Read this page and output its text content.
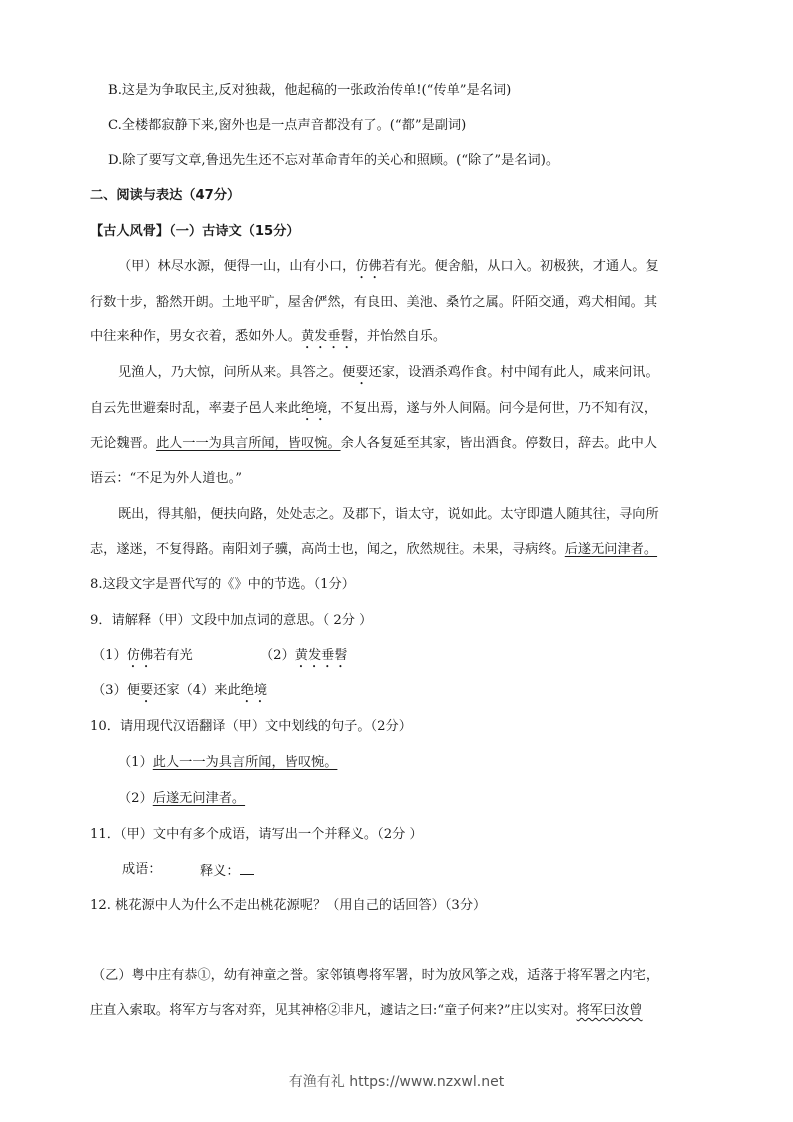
B.这是为争取民主,反对独裁，他起稿的一张政治传单!(“传单”是名词)
C.全楼都寂静下来,窗外也是一点声音都没有了。(“都”是副词)
D.除了要写文章,鲁迅先生还不忘对革命青年的关心和照顾。(“除了”是名词)。
二、阅读与表达（47分）
【古人风骨】（一）古诗文（15分）
（甲）林尽水源，便得一山，山有小口，仿佛若有光。便舍船，从口入。初极狭，才通人。复
行数十步，豁然开朗。土地平旷，屋舍俨然，有良田、美池、桑竹之属。阡陌交通，鸡犬相闻。其
中往来种作，男女衣着，悉如外人。黄发垂髫，并怡然自乐。
见渔人，乃大惊，问所从来。具答之。便要还家，设酒杀鸡作食。村中闻有此人，咸来问讯。
自云先世避秦时乱，率妻子邑人来此绝境，不复出焉，遂与外人间隔。问今是何世，乃不知有汉，
无论魏晋。此人一一为具言所闻，皆叹惋。余人各复延至其家，皆出酒食。停数日，辞去。此中人
语云：“不足为外人道也。”
既出，得其船，便扶向路，处处志之。及郡下，诣太守，说如此。太守即遣人随其往，寻向所
志，遂迷，不复得路。南阳刘子骥，高尚士也，闻之，欣然规往。未果，寻病终。后遂无问津者。
8.这段文字是晋代写的《》中的节选。（1分）
9．请解释（甲）文段中加点词的意思。（ 2分 ）
（1）仿佛若有光	（2）黄发垂髫
（3）便要还家（4）来此绝境
10．请用现代汉语翻译（甲）文中划线的句子。（2分）
（1）此人一一为具言所闻，皆叹惋。
（2）后遂无问津者。
11．（甲）文中有多个成语，请写出一个并释义。（2分 ）
成语：	释义：
12. 桃花源中人为什么不走出桃花源呢？（用自己的话回答）（3分）
（乙）粤中庄有恭①，幼有神童之誉。家邻镇粤将军署，时为放风筝之戏，适落于将军署之内宅，
庄直入索取。将军方与客对弈，见其神格②非凡，遽诘之曰:“童子何来?”庄以实对。将军曰汝曾
有渔有礼 https://www.nzxwl.net
